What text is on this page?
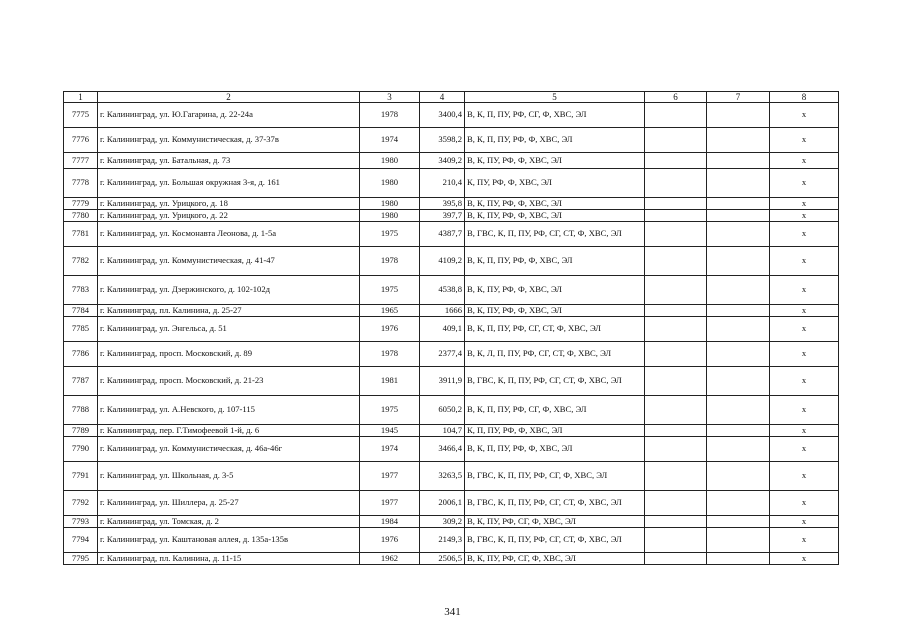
1	2	3	4	5	6	7	8
7775	г. Калининград, ул. Ю.Гагарина, д. 22-24а	1978	3400,4	В, К, П, ПУ, РФ, СГ, Ф, ХВС, ЭЛ			x
7776	г. Калининград, ул. Коммунистическая, д. 37-37в	1974	3598,2	В, К, П, ПУ, РФ, Ф, ХВС, ЭЛ			x
7777	г. Калининград, ул. Батальная, д. 73	1980	3409,2	В, К, ПУ, РФ, Ф, ХВС, ЭЛ			x
7778	г. Калининград, ул. Большая окружная 3-я, д. 161	1980	210,4	К, ПУ, РФ, Ф, ХВС, ЭЛ			x
7779	г. Калининград, ул. Урицкого, д. 18	1980	395,8	В, К, ПУ, РФ, Ф, ХВС, ЭЛ			x
7780	г. Калининград, ул. Урицкого, д. 22	1980	397,7	В, К, ПУ, РФ, Ф, ХВС, ЭЛ			x
7781	г. Калининград, ул. Космонавта Леонова, д. 1-5а	1975	4387,7	В, ГВС, К, П, ПУ, РФ, СГ, СТ, Ф, ХВС, ЭЛ			x
7782	г. Калининград, ул. Коммунистическая, д. 41-47	1978	4109,2	В, К, П, ПУ, РФ, Ф, ХВС, ЭЛ			x
7783	г. Калининград, ул. Дзержинского, д. 102-102д	1975	4538,8	В, К, ПУ, РФ, Ф, ХВС, ЭЛ			x
7784	г. Калининград, пл. Калинина, д. 25-27	1965	1666	В, К, ПУ, РФ, Ф, ХВС, ЭЛ			x
7785	г. Калининград, ул. Энгельса, д. 51	1976	409,1	В, К, П, ПУ, РФ, СГ, СТ, Ф, ХВС, ЭЛ			x
7786	г. Калининград, просп. Московский, д. 89	1978	2377,4	В, К, Л, П, ПУ, РФ, СГ, СТ, Ф, ХВС, ЭЛ			x
7787	г. Калининград, просп. Московский, д. 21-23	1981	3911,9	В, ГВС, К, П, ПУ, РФ, СГ, СТ, Ф, ХВС, ЭЛ			x
7788	г. Калининград, ул. А.Невского, д. 107-115	1975	6050,2	В, К, П, ПУ, РФ, СГ, Ф, ХВС, ЭЛ			x
7789	г. Калининград, пер. Г.Тимофеевой 1-й, д. 6	1945	104,7	К, П, ПУ, РФ, Ф, ХВС, ЭЛ			x
7790	г. Калининград, ул. Коммунистическая, д. 46а-46г	1974	3466,4	В, К, П, ПУ, РФ, Ф, ХВС, ЭЛ			x
7791	г. Калининград, ул. Школьная, д. 3-5	1977	3263,5	В, ГВС, К, П, ПУ, РФ, СГ, Ф, ХВС, ЭЛ			x
7792	г. Калининград, ул. Шиллера, д. 25-27	1977	2006,1	В, ГВС, К, П, ПУ, РФ, СГ, СТ, Ф, ХВС, ЭЛ			x
7793	г. Калининград, ул. Томская, д. 2	1984	309,2	В, К, ПУ, РФ, СГ, Ф, ХВС, ЭЛ			x
7794	г. Калининград, ул. Каштановая аллея, д. 135а-135в	1976	2149,3	В, ГВС, К, П, ПУ, РФ, СГ, СТ, Ф, ХВС, ЭЛ			x
7795	г. Калининград, пл. Калинина, д. 11-15	1962	2506,5	В, К, ПУ, РФ, СГ, Ф, ХВС, ЭЛ			x
341
